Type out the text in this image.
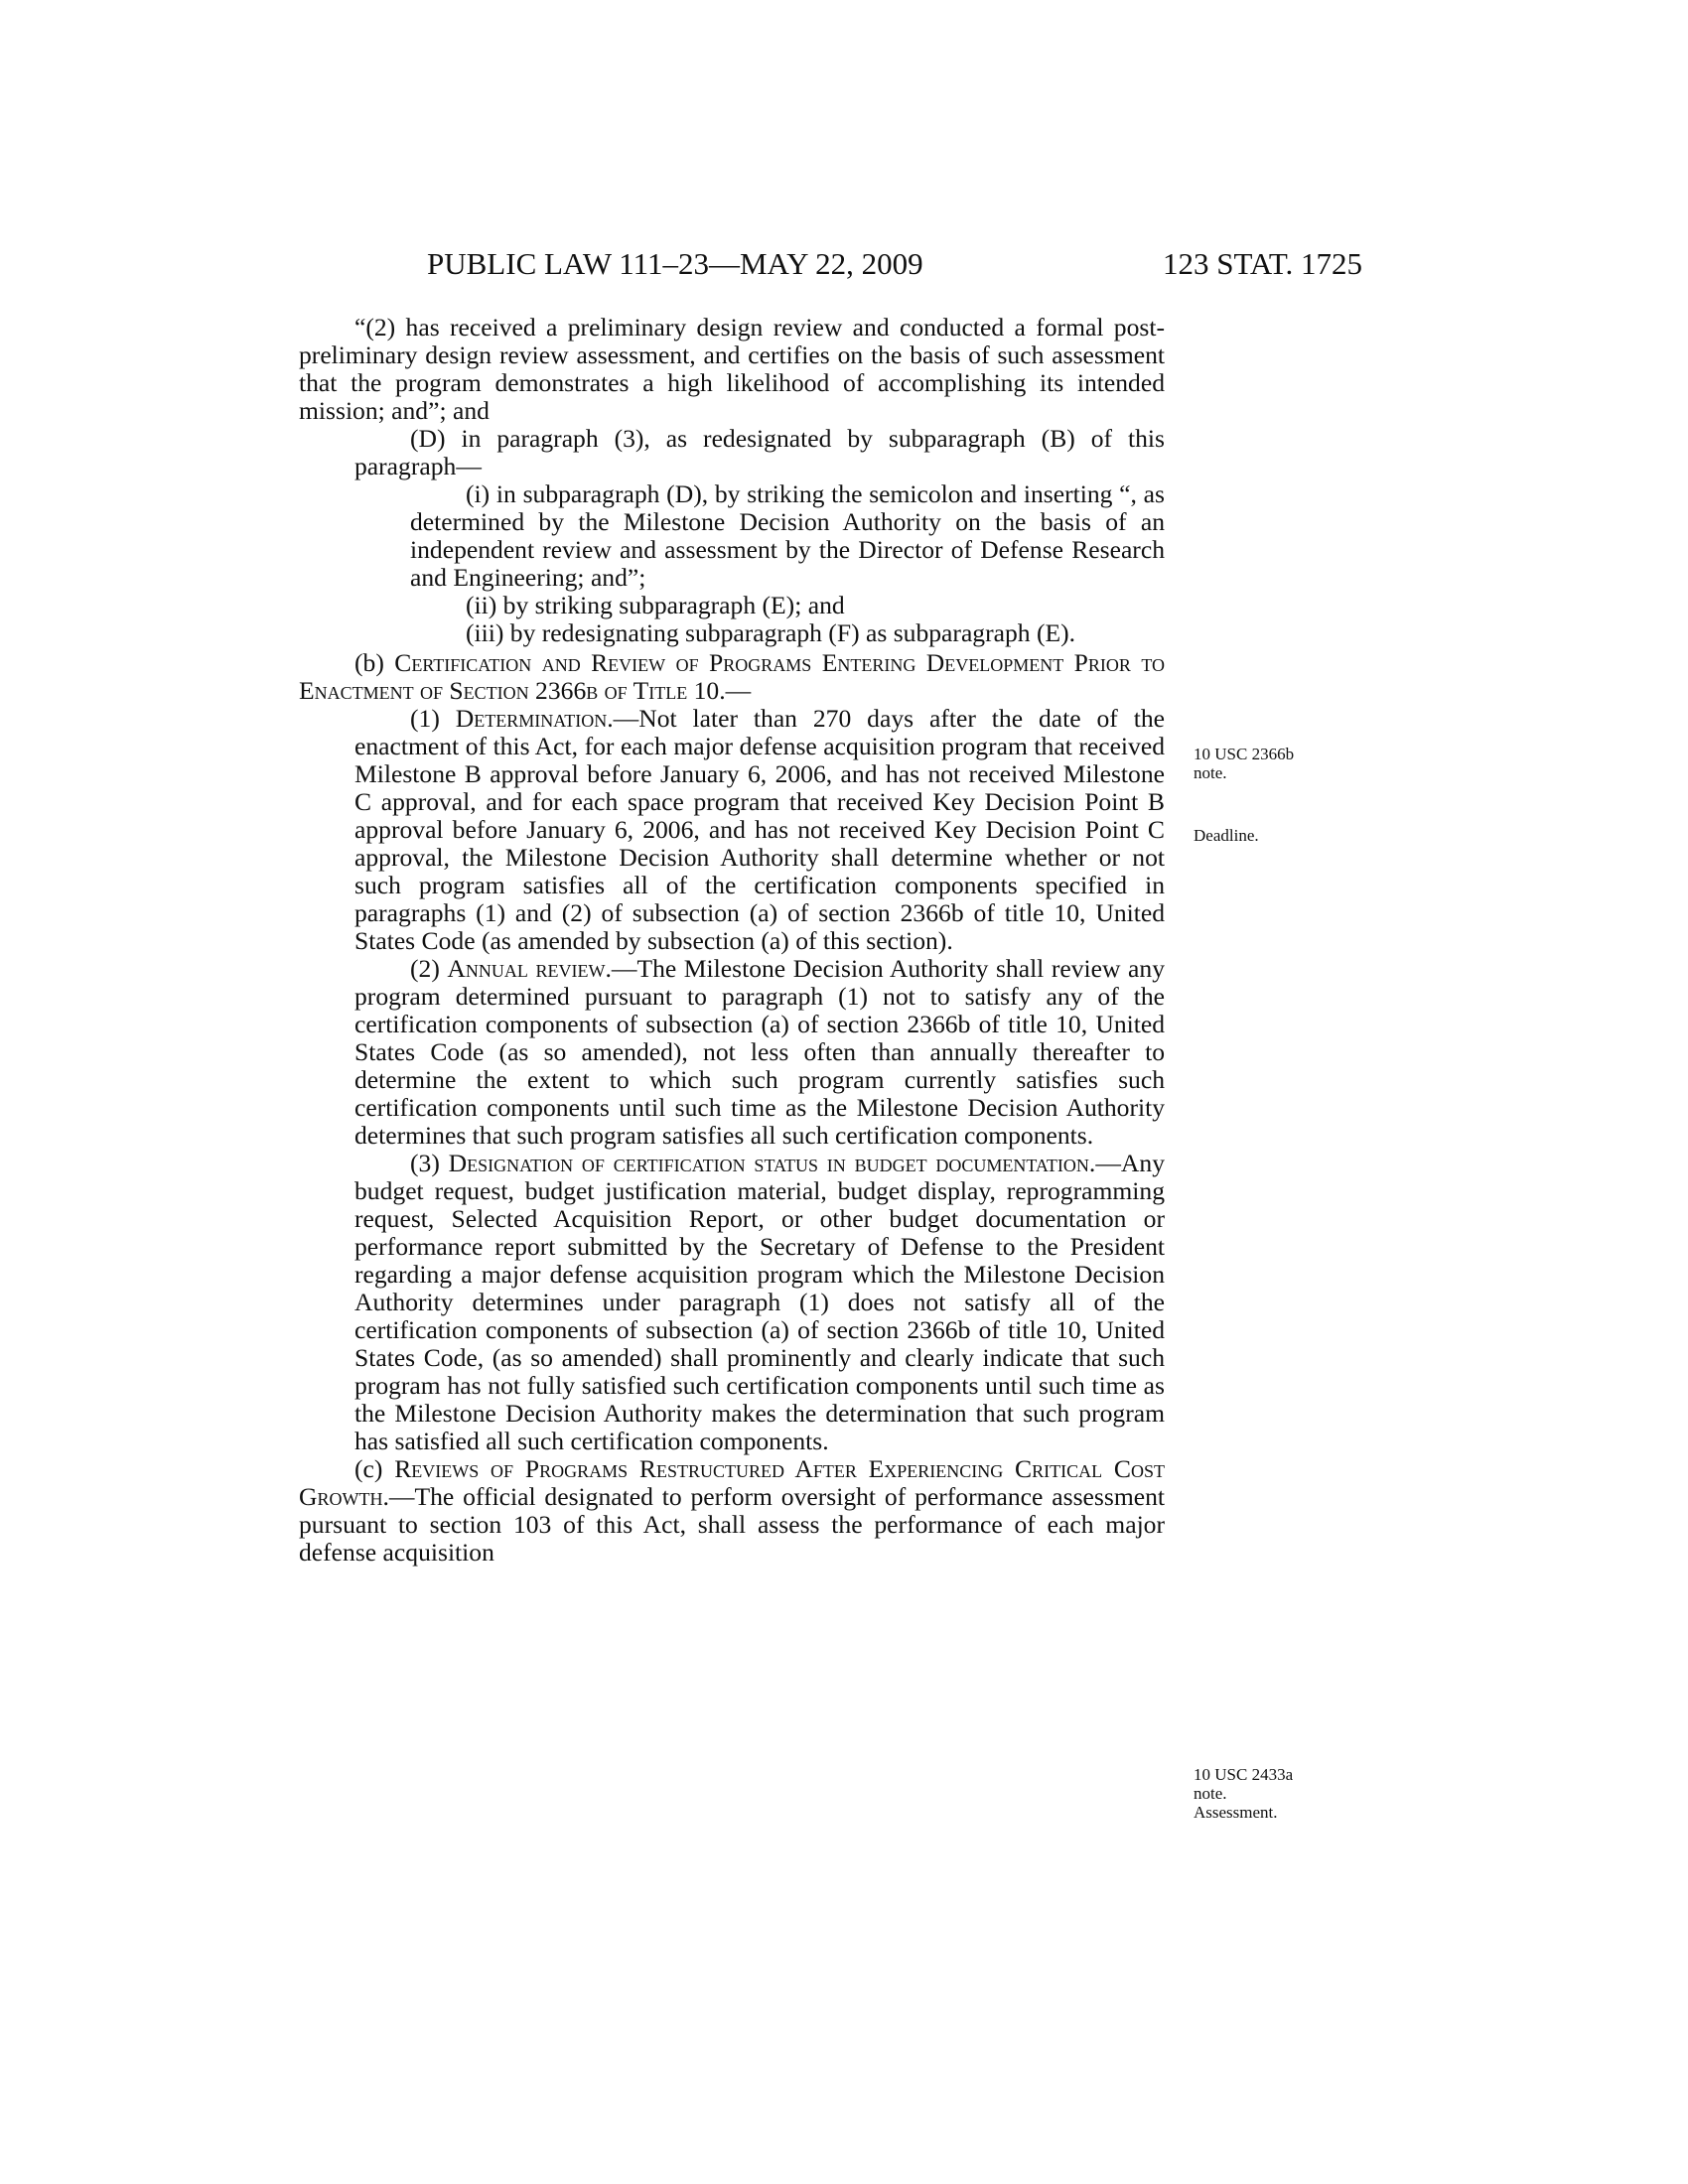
PUBLIC LAW 111–23—MAY 22, 2009	123 STAT. 1725

“(2) has received a preliminary design review and conducted a formal post-preliminary design review assessment, and certifies on the basis of such assessment that the program demonstrates a high likelihood of accomplishing its intended mission; and”; and

(D) in paragraph (3), as redesignated by subparagraph (B) of this paragraph—

(i) in subparagraph (D), by striking the semicolon and inserting “, as determined by the Milestone Decision Authority on the basis of an independent review and assessment by the Director of Defense Research and Engineering; and”;

(ii) by striking subparagraph (E); and

(iii) by redesignating subparagraph (F) as subparagraph (E).

(b) Certification and Review of Programs Entering Development Prior to Enactment of Section 2366b of Title 10.—

(1) Determination.—Not later than 270 days after the date of the enactment of this Act, for each major defense acquisition program that received Milestone B approval before January 6, 2006, and has not received Milestone C approval, and for each space program that received Key Decision Point B approval before January 6, 2006, and has not received Key Decision Point C approval, the Milestone Decision Authority shall determine whether or not such program satisfies all of the certification components specified in paragraphs (1) and (2) of subsection (a) of section 2366b of title 10, United States Code (as amended by subsection (a) of this section).

(2) Annual review.—The Milestone Decision Authority shall review any program determined pursuant to paragraph (1) not to satisfy any of the certification components of subsection (a) of section 2366b of title 10, United States Code (as so amended), not less often than annually thereafter to determine the extent to which such program currently satisfies such certification components until such time as the Milestone Decision Authority determines that such program satisfies all such certification components.

(3) Designation of certification status in budget documentation.—Any budget request, budget justification material, budget display, reprogramming request, Selected Acquisition Report, or other budget documentation or performance report submitted by the Secretary of Defense to the President regarding a major defense acquisition program which the Milestone Decision Authority determines under paragraph (1) does not satisfy all of the certification components of subsection (a) of section 2366b of title 10, United States Code, (as so amended) shall prominently and clearly indicate that such program has not fully satisfied such certification components until such time as the Milestone Decision Authority makes the determination that such program has satisfied all such certification components.

(c) Reviews of Programs Restructured After Experiencing Critical Cost Growth.—The official designated to perform oversight of performance assessment pursuant to section 103 of this Act, shall assess the performance of each major defense acquisition

10 USC 2366b
note.
Deadline.
10 USC 2433a
note.
Assessment.
